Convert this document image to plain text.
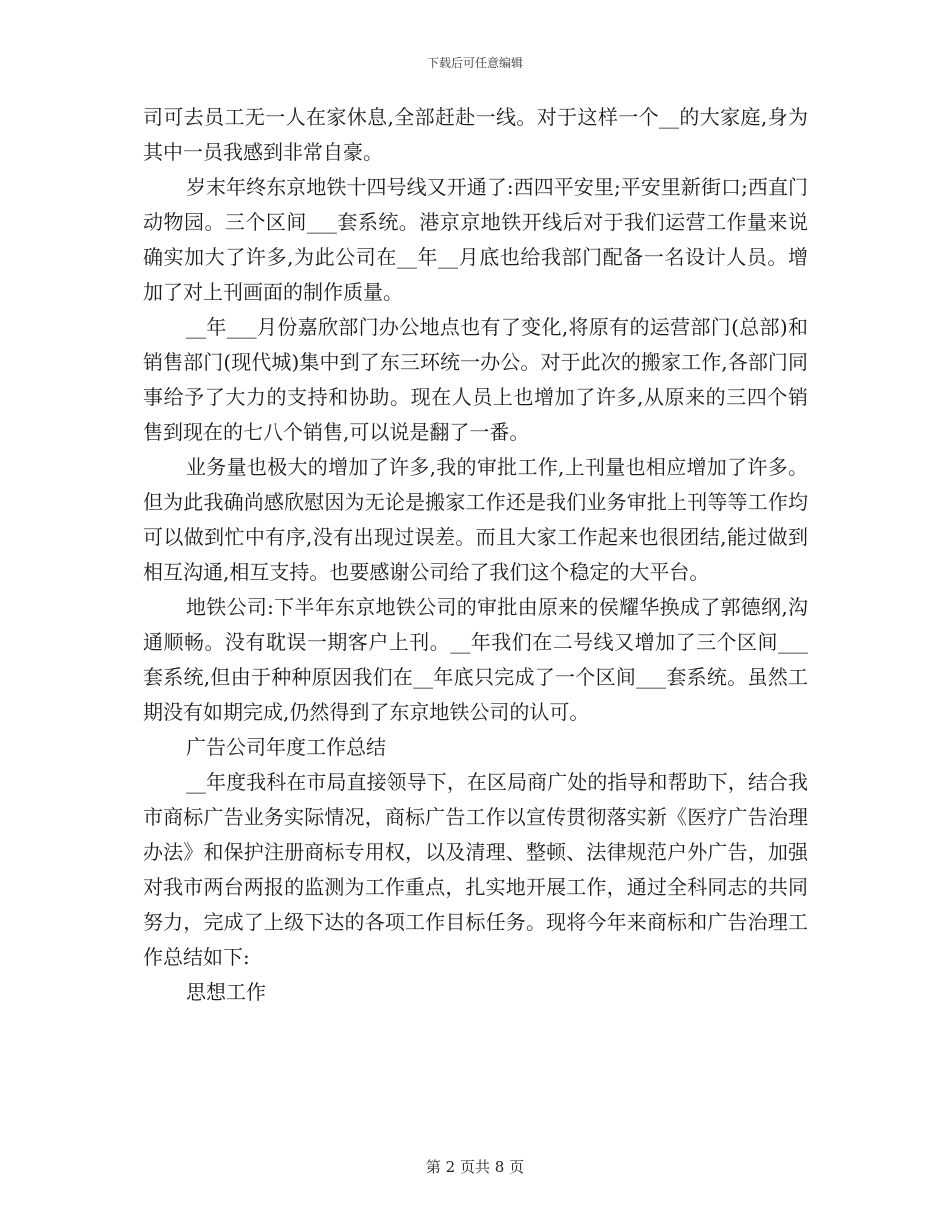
下载后可任意编辑

司可去员工无一人在家休息,全部赶赴一线。对于这样一个__的大家庭,身为其中一员我感到非常自豪。

岁末年终东京地铁十四号线又开通了:西四平安里;平安里新街口;西直门动物园。三个区间___套系统。港京京地铁开线后对于我们运营工作量来说确实加大了许多,为此公司在__年__月底也给我部门配备一名设计人员。增加了对上刊画面的制作质量。

__年___月份嘉欣部门办公地点也有了变化,将原有的运营部门(总部)和销售部门(现代城)集中到了东三环统一办公。对于此次的搬家工作,各部门同事给予了大力的支持和协助。现在人员上也增加了许多,从原来的三四个销售到现在的七八个销售,可以说是翻了一番。

业务量也极大的增加了许多,我的审批工作,上刊量也相应增加了许多。但为此我确尚感欣慰因为无论是搬家工作还是我们业务审批上刊等等工作均可以做到忙中有序,没有出现过误差。而且大家工作起来也很团结,能过做到相互沟通,相互支持。也要感谢公司给了我们这个稳定的大平台。

地铁公司:下半年东京地铁公司的审批由原来的侯耀华换成了郭德纲,沟通顺畅。没有耽误一期客户上刊。__年我们在二号线又增加了三个区间___套系统,但由于种种原因我们在__年底只完成了一个区间___套系统。虽然工期没有如期完成,仍然得到了东京地铁公司的认可。

广告公司年度工作总结

__年度我科在市局直接领导下，在区局商广处的指导和帮助下，结合我市商标广告业务实际情况，商标广告工作以宣传贯彻落实新《医疗广告治理办法》和保护注册商标专用权，以及清理、整顿、法律规范户外广告，加强对我市两台两报的监测为工作重点，扎实地开展工作，通过全科同志的共同努力，完成了上级下达的各项工作目标任务。现将今年来商标和广告治理工作总结如下:

思想工作

第 2 页共 8 页
